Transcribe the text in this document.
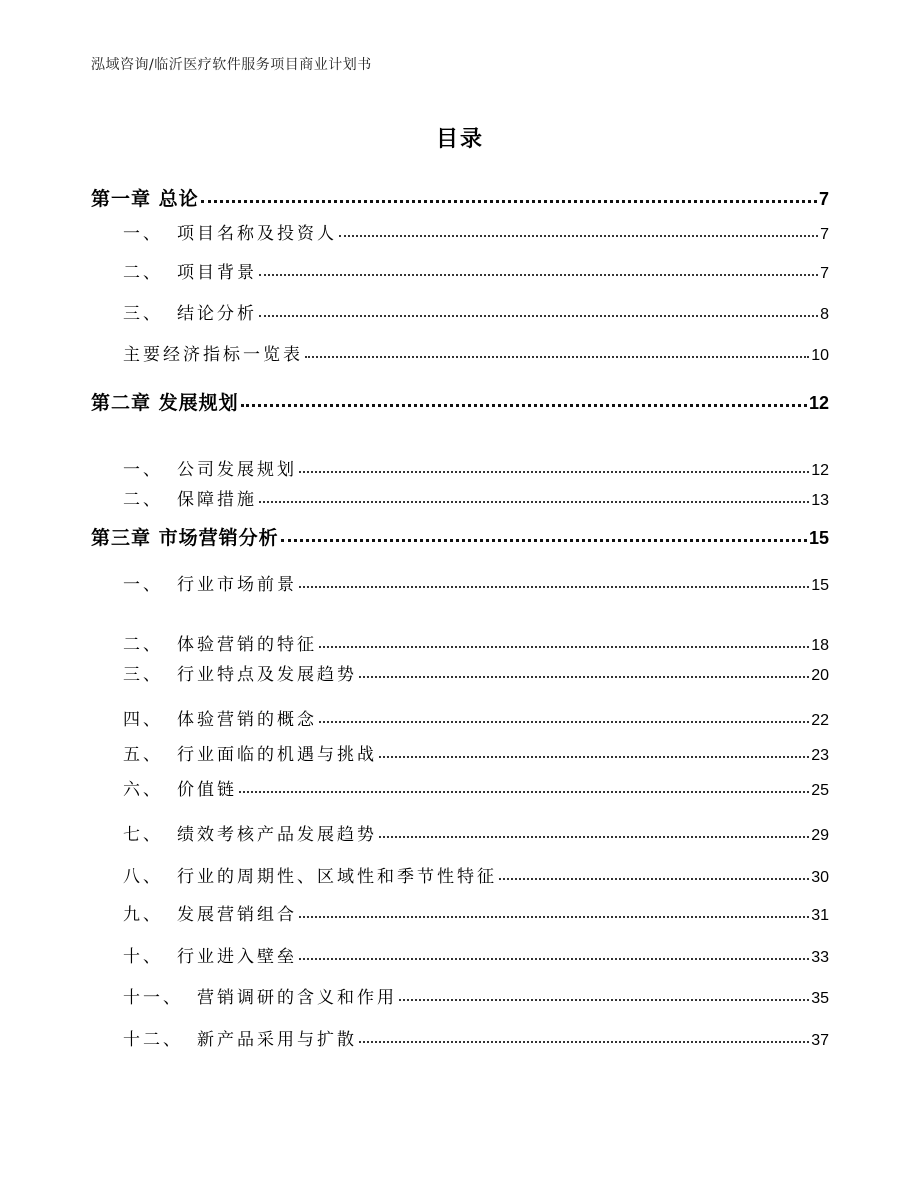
泓域咨询/临沂医疗软件服务项目商业计划书
目录
第一章 总论	7
一、 项目名称及投资人	7
二、 项目背景	7
三、 结论分析	8
主要经济指标一览表	10
第二章 发展规划	12
一、 公司发展规划	12
二、 保障措施	13
第三章 市场营销分析	15
一、 行业市场前景	15
二、 体验营销的特征	18
三、 行业特点及发展趋势	20
四、 体验营销的概念	22
五、 行业面临的机遇与挑战	23
六、 价值链	25
七、 绩效考核产品发展趋势	29
八、 行业的周期性、区域性和季节性特征	30
九、 发展营销组合	31
十、 行业进入壁垒	33
十一、 营销调研的含义和作用	35
十二、 新产品采用与扩散	37
